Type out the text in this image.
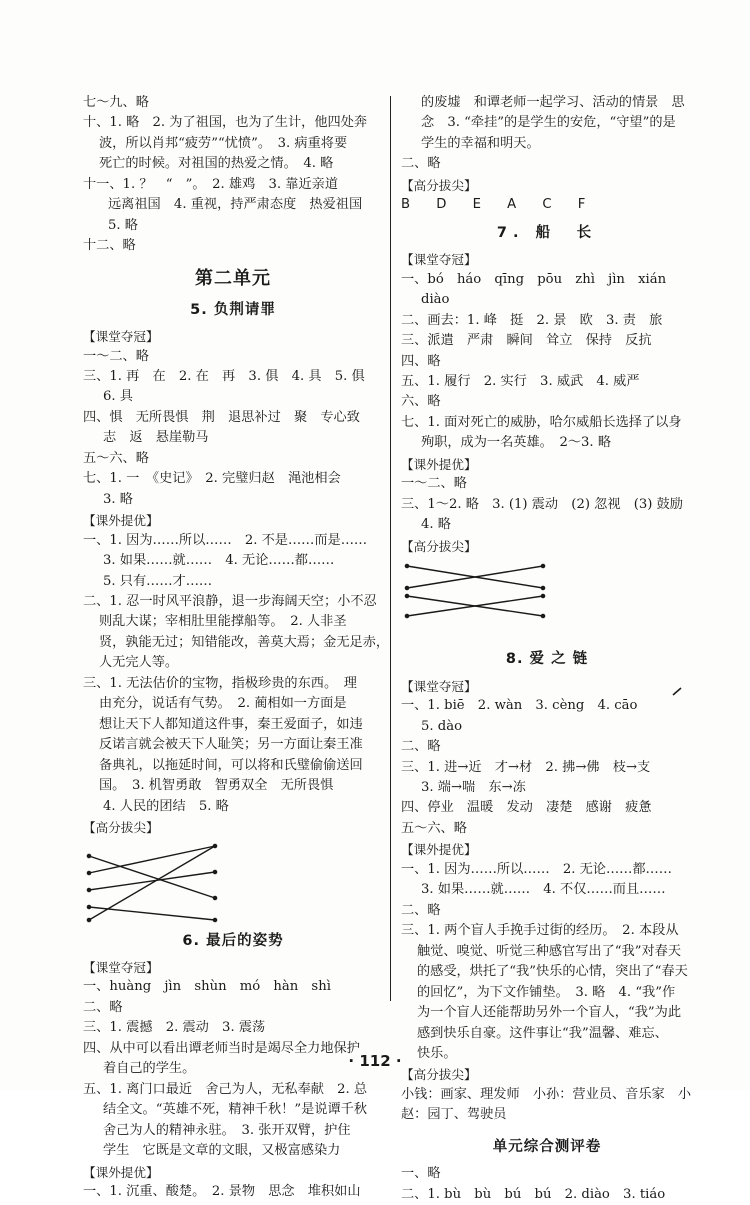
七～九、略
十、1. 略　2. 为了祖国，也为了生计，他四处奔
波，所以肖邦“疲劳”“忧愤”。　3. 病重将要
死亡的时候。对祖国的热爱之情。　4. 略
十一、1. ？　“　”。　2. 雄鸡　3. 靠近亲道
远离祖国　4. 重视，持严肃态度　热爱祖国
5. 略
十二、略
第二单元
5. 负荆请罪
【课堂夺冠】
一～二、略
三、1. 再　在　2. 在　再　3. 俱　4. 具　5. 俱
6. 具
四、惧　无所畏惧　荆　退思补过　聚　专心致
志　返　悬崖勒马
五～六、略
七、1. 一　《史记》　2. 完璧归赵　渑池相会
3. 略
【课外提优】
一、1. 因为……所以……　2. 不是……而是……
3. 如果……就……　4. 无论……都……
5. 只有……才……
二、1. 忍一时风平浪静，退一步海阔天空；小不忍
则乱大谋；宰相肚里能撑船等。　2. 人非圣
贤，孰能无过；知错能改，善莫大焉；金无足赤，
人无完人等。
三、1. 无法估价的宝物，指极珍贵的东西。　理
由充分，说话有气势。　2. 蔺相如一方面是
想让天下人都知道这件事，秦王爱面子，如违
反诺言就会被天下人耻笑；另一方面让秦王准
备典礼，以拖延时间，可以将和氏璧偷偷送回
国。　3. 机智勇敢　智勇双全　无所畏惧
4. 人民的团结　5. 略
【高分拔尖】
6. 最后的姿势
【课堂夺冠】
一、huàng　jìn　shùn　mó　hàn　shì
二、略
三、1. 震撼　2. 震动　3. 震荡
四、从中可以看出谭老师当时是竭尽全力地保护
着自己的学生。
五、1. 离门口最近　舍己为人，无私奉献　2. 总
结全文。“英雄不死，精神千秋！”是说谭千秋
舍己为人的精神永驻。　3. 张开双臂，护住
学生　它既是文章的文眼，又极富感染力
【课外提优】
一、1. 沉重、酸楚。　2. 景物　思念　堆积如山
的废墟　和谭老师一起学习、活动的情景　思
念　3. “牵挂”的是学生的安危，“守望”的是
学生的幸福和明天。
二、略
【高分拔尖】
B D E A C F
7. 船　长
【课堂夺冠】
一、bó　háo　qīng　pōu　zhì　jìn　xián
diào
二、画去：1. 峰　挺　2. 景　欧　3. 责　旅
三、派遣　严肃　瞬间　耸立　保持　反抗
四、略
五、1. 履行　2. 实行　3. 威武　4. 威严
六、略
七、1. 面对死亡的威胁，哈尔威船长选择了以身
殉职，成为一名英雄。　2～3. 略
【课外提优】
一～二、略
三、1～2. 略　3. (1) 震动　(2) 忽视　(3) 鼓励
4. 略
【高分拔尖】
8. 爱 之 链
【课堂夺冠】
一、1. biē　2. wàn　3. cèng　4. cāo
5. dào
二、略
三、1. 进→近　才→材　2. 拂→佛　枝→支
3. 端→喘　东→冻
四、停业　温暖　发动　凄楚　感谢　疲惫
五～六、略
【课外提优】
一、1. 因为……所以……　2. 无论……都……
3. 如果……就……　4. 不仅……而且……
二、略
三、1. 两个盲人手挽手过街的经历。　2. 本段从
触觉、嗅觉、听觉三种感官写出了“我”对春天
的感受，烘托了“我”快乐的心情，突出了“春天
的回忆”，为下文作铺垫。　3. 略　4. “我”作
为一个盲人还能帮助另外一个盲人，“我”为此
感到快乐自豪。这件事让“我”温馨、难忘、
快乐。
【高分拔尖】
小钱：画家、理发师　小孙：营业员、音乐家　小
赵：园丁、驾驶员
单元综合测评卷
一、略
二、1. bù　bù　bú　bú　2. diào　3. tiáo
· 112 ·
